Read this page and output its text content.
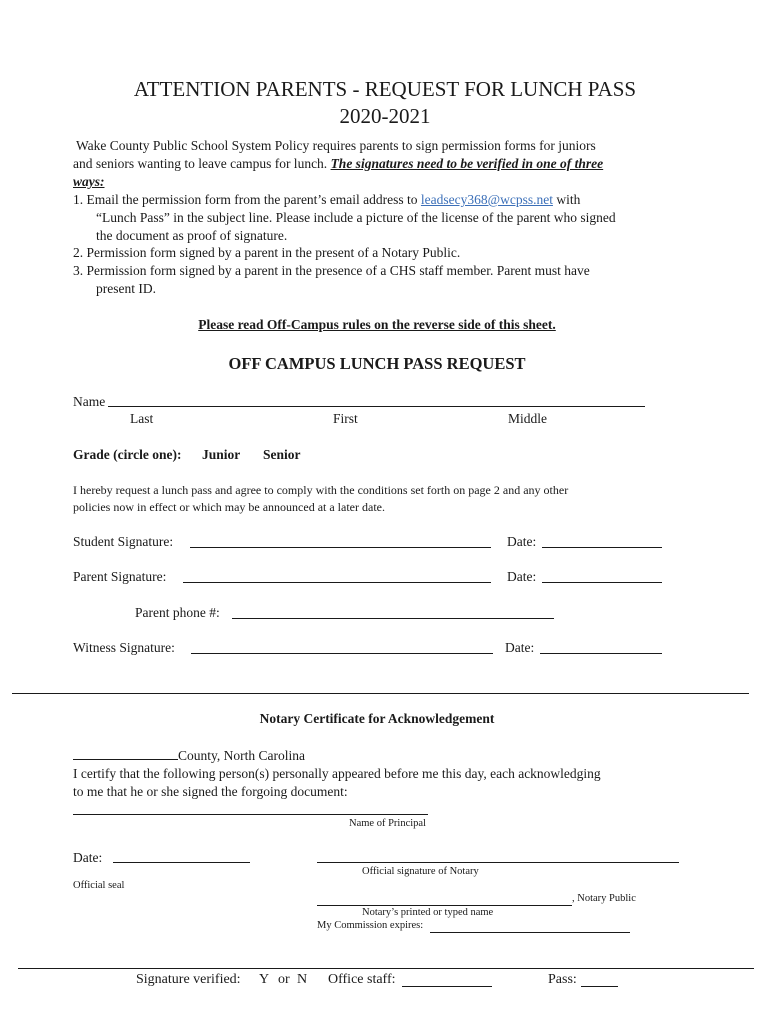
ATTENTION PARENTS - REQUEST FOR LUNCH PASS
2020-2021
Wake County Public School System Policy requires parents to sign permission forms for juniors
and seniors wanting to leave campus for lunch. The signatures need to be verified in one of three
ways:
1. Email the permission form from the parent’s email address to leadsecy368@wcpss.net with
“Lunch Pass” in the subject line. Please include a picture of the license of the parent who signed
the document as proof of signature.
2. Permission form signed by a parent in the present of a Notary Public.
3. Permission form signed by a parent in the presence of a CHS staff member. Parent must have
present ID.
Please read Off-Campus rules on the reverse side of this sheet.
OFF CAMPUS LUNCH PASS REQUEST
Name
Last	First	Middle
Grade (circle one): Junior Senior
I hereby request a lunch pass and agree to comply with the conditions set forth on page 2 and any other
policies now in effect or which may be announced at a later date.
Student Signature:	Date:
Parent Signature:	Date:
Parent phone #:
Witness Signature:	Date:
Notary Certificate for Acknowledgement
County, North Carolina
I certify that the following person(s) personally appeared before me this day, each acknowledging
to me that he or she signed the forgoing document:
Name of Principal
Date:
Official signature of Notary
Official seal
, Notary Public
Notary’s printed or typed name
My Commission expires:
Signature verified: Y or N Office staff:	Pass:
